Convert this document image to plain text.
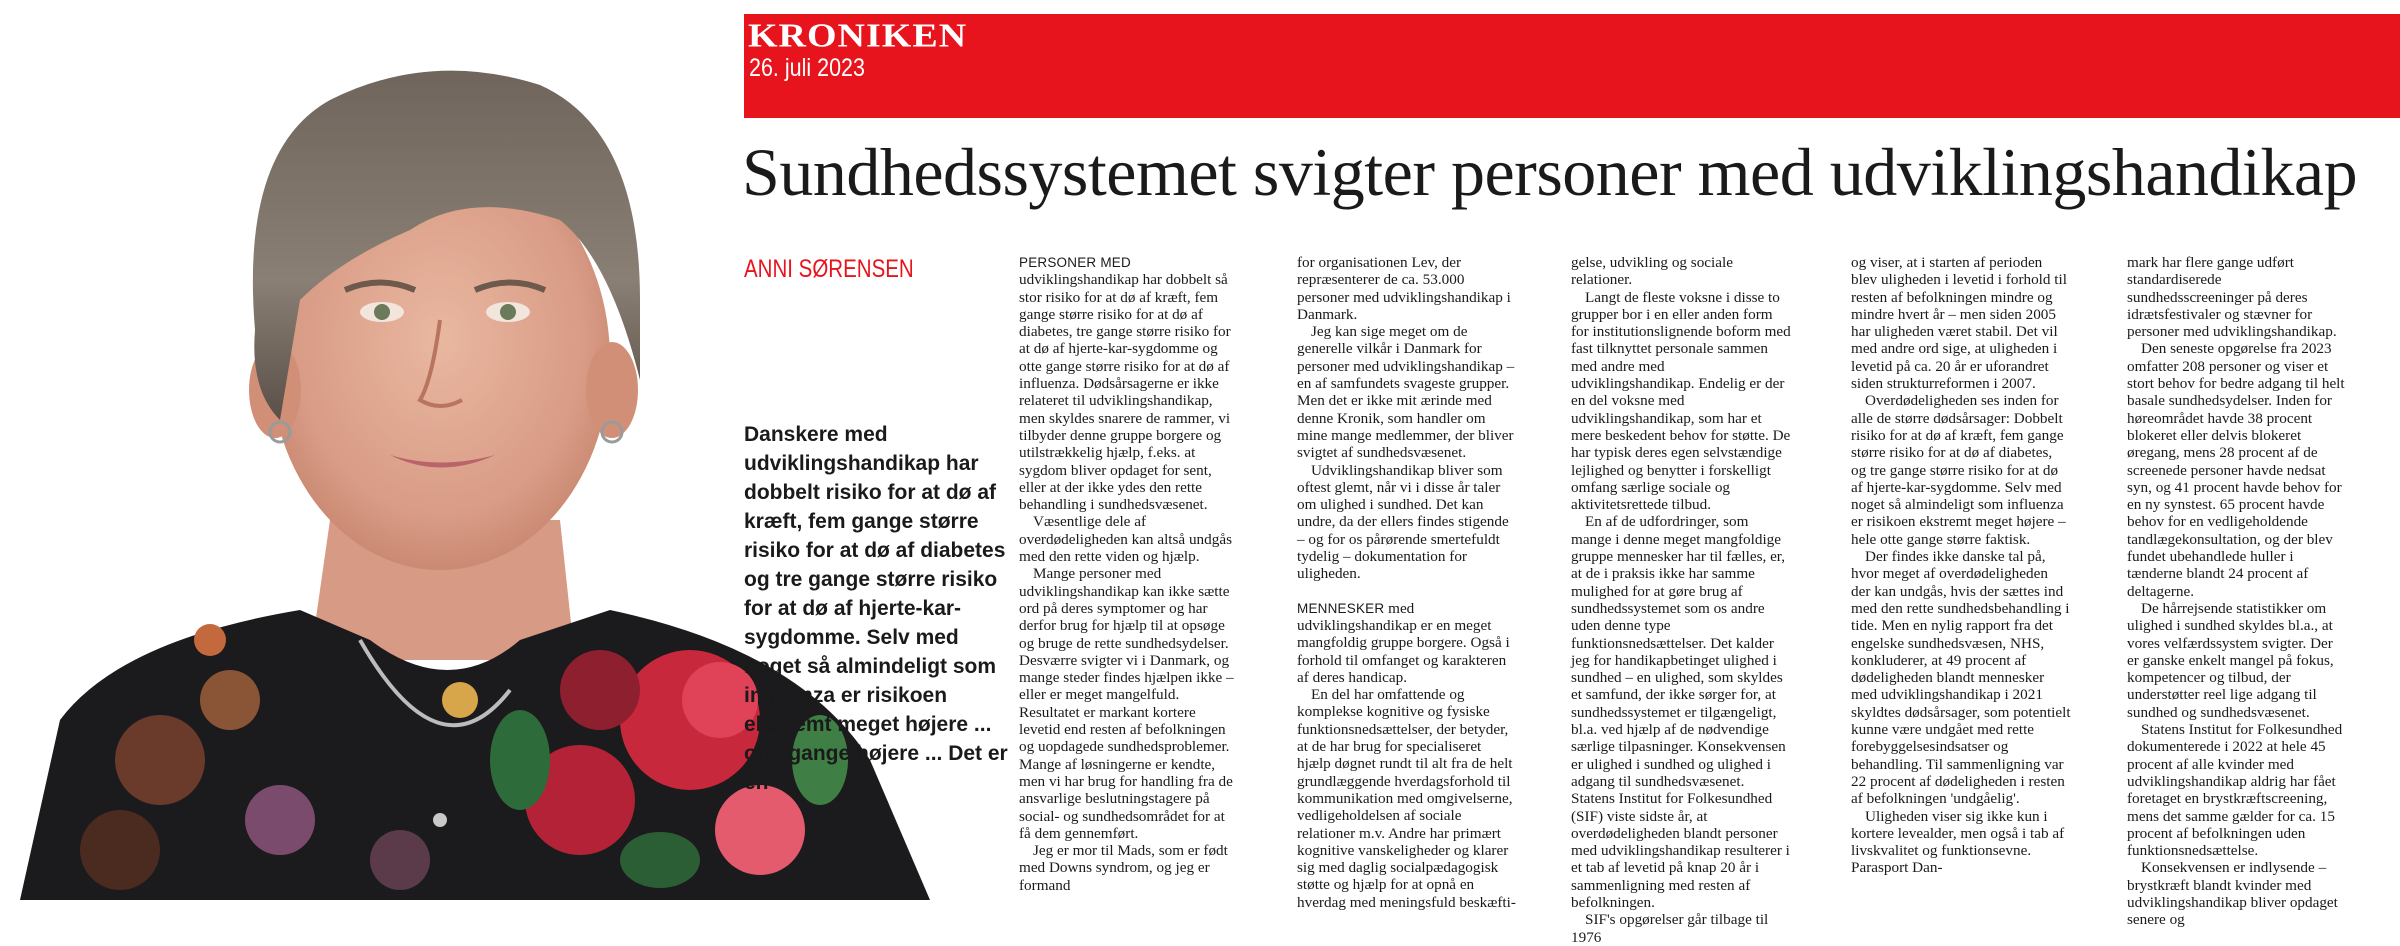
KRONIKEN
26. juli 2023
Sundhedssystemet svigter personer med udviklingshandikap
ANNI SØRENSEN
Danskere med udviklingshandikap har dobbelt risiko for at dø af kræft, fem gange større risiko for at dø af diabetes og tre gange større risiko for at dø af hjerte-kar-sygdomme. Selv med noget så almindeligt som influenza er risikoen ekstremt meget højere ... otte gange højere ... Det er en

PERSONER MED udviklingshandikap har dobbelt så stor risiko for at dø af kræft, fem gange større risiko for at dø af diabetes, tre gange større risiko for at dø af hjerte-kar-sygdomme og otte gange større risiko for at dø af influenza. Dødsårsagerne er ikke relateret til udviklingshandikap, men skyldes snarere de rammer, vi tilbyder denne gruppe borgere og utilstrækkelig hjælp, f.eks. at sygdom bliver opdaget for sent, eller at der ikke ydes den rette behandling i sundhedsvæsenet.

Væsentlige dele af overdødeligheden kan altså undgås med den rette viden og hjælp.

Mange personer med udviklingshandikap kan ikke sætte ord på deres symptomer og har derfor brug for hjælp til at opsøge og bruge de rette sundhedsydelser. Desværre svigter vi i Danmark, og mange steder findes hjælpen ikke – eller er meget mangelfuld. Resultatet er markant kortere levetid end resten af befolkningen og uopdagede sundhedsproblemer. Mange af løsningerne er kendte, men vi har brug for handling fra de ansvarlige beslutningstagere på social- og sundhedsområdet for at få dem gennemført.

Jeg er mor til Mads, som er født med Downs syndrom, og jeg er formand

for organisationen Lev, der repræsenterer de ca. 53.000 personer med udviklingshandikap i Danmark.

Jeg kan sige meget om de generelle vilkår i Danmark for personer med udviklingshandikap – en af samfundets svageste grupper. Men det er ikke mit ærinde med denne Kronik, som handler om mine mange medlemmer, der bliver svigtet af sundhedsvæsenet.

Udviklingshandikap bliver som oftest glemt, når vi i disse år taler om ulighed i sundhed. Det kan undre, da der ellers findes stigende – og for os pårørende smertefuldt tydelig – dokumentation for uligheden.

MENNESKER med udviklingshandikap er en meget mangfoldig gruppe borgere. Også i forhold til omfanget og karakteren af deres handicap.

En del har omfattende og komplekse kognitive og fysiske funktionsnedsættelser, der betyder, at de har brug for specialiseret hjælp døgnet rundt til alt fra de helt grundlæggende hverdagsforhold til kommunikation med omgivelserne, vedligeholdelsen af sociale relationer m.v. Andre har primært kognitive vanskeligheder og klarer sig med daglig socialpædagogisk støtte og hjælp for at opnå en hverdag med meningsfuld beskæfti-

gelse, udvikling og sociale relationer.

Langt de fleste voksne i disse to grupper bor i en eller anden form for institutionslignende boform med fast tilknyttet personale sammen med andre med udviklingshandikap. Endelig er der en del voksne med udviklingshandikap, som har et mere beskedent behov for støtte. De har typisk deres egen selvstændige lejlighed og benytter i forskelligt omfang særlige sociale og aktivitetsrettede tilbud.

En af de udfordringer, som mange i denne meget mangfoldige gruppe mennesker har til fælles, er, at de i praksis ikke har samme mulighed for at gøre brug af sundhedssystemet som os andre uden denne type funktionsnedsættelser. Det kalder jeg for handikapbetinget ulighed i sundhed – en ulighed, som skyldes et samfund, der ikke sørger for, at sundhedssystemet er tilgængeligt, bl.a. ved hjælp af de nødvendige særlige tilpasninger. Konsekvensen er ulighed i sundhed og ulighed i adgang til sundhedsvæsenet. Statens Institut for Folkesundhed (SIF) viste sidste år, at overdødeligheden blandt personer med udviklingshandikap resulterer i et tab af levetid på knap 20 år i sammenligning med resten af befolkningen.

SIF's opgørelser går tilbage til 1976

og viser, at i starten af perioden blev uligheden i levetid i forhold til resten af befolkningen mindre og mindre hvert år – men siden 2005 har uligheden været stabil. Det vil med andre ord sige, at uligheden i levetid på ca. 20 år er uforandret siden strukturreformen i 2007.

Overdødeligheden ses inden for alle de større dødsårsager: Dobbelt risiko for at dø af kræft, fem gange større risiko for at dø af diabetes, og tre gange større risiko for at dø af hjerte-kar-sygdomme. Selv med noget så almindeligt som influenza er risikoen ekstremt meget højere – hele otte gange større faktisk.

Der findes ikke danske tal på, hvor meget af overdødeligheden der kan undgås, hvis der sættes ind med den rette sundhedsbehandling i tide. Men en nylig rapport fra det engelske sundhedsvæsen, NHS, konkluderer, at 49 procent af dødeligheden blandt mennesker med udviklingshandikap i 2021 skyldtes dødsårsager, som potentielt kunne være undgået med rette forebyggelsesindsatser og behandling. Til sammenligning var 22 procent af dødeligheden i resten af befolkningen 'undgåelig'.

Uligheden viser sig ikke kun i kortere levealder, men også i tab af livskvalitet og funktionsevne. Parasport Dan-

mark har flere gange udført standardiserede sundhedsscreeninger på deres idrætsfestivaler og stævner for personer med udviklingshandikap.

Den seneste opgørelse fra 2023 omfatter 208 personer og viser et stort behov for bedre adgang til helt basale sundhedsydelser. Inden for høreområdet havde 38 procent blokeret eller delvis blokeret øregang, mens 28 procent af de screenede personer havde nedsat syn, og 41 procent havde behov for en ny synstest. 65 procent havde behov for en vedligeholdende tandlægekonsultation, og der blev fundet ubehandlede huller i tænderne blandt 24 procent af deltagerne.

De hårrejsende statistikker om ulighed i sundhed skyldes bl.a., at vores velfærdssystem svigter. Der er ganske enkelt mangel på fokus, kompetencer og tilbud, der understøtter reel lige adgang til sundhed og sundhedsvæsenet.

Statens Institut for Folkesundhed dokumenterede i 2022 at hele 45 procent af alle kvinder med udviklingshandikap aldrig har fået foretaget en brystkræftscreening, mens det samme gælder for ca. 15 procent af befolkningen uden funktionsnedsættelse.

Konsekvensen er indlysende – brystkræft blandt kvinder med udviklingshandikap bliver opdaget senere og
